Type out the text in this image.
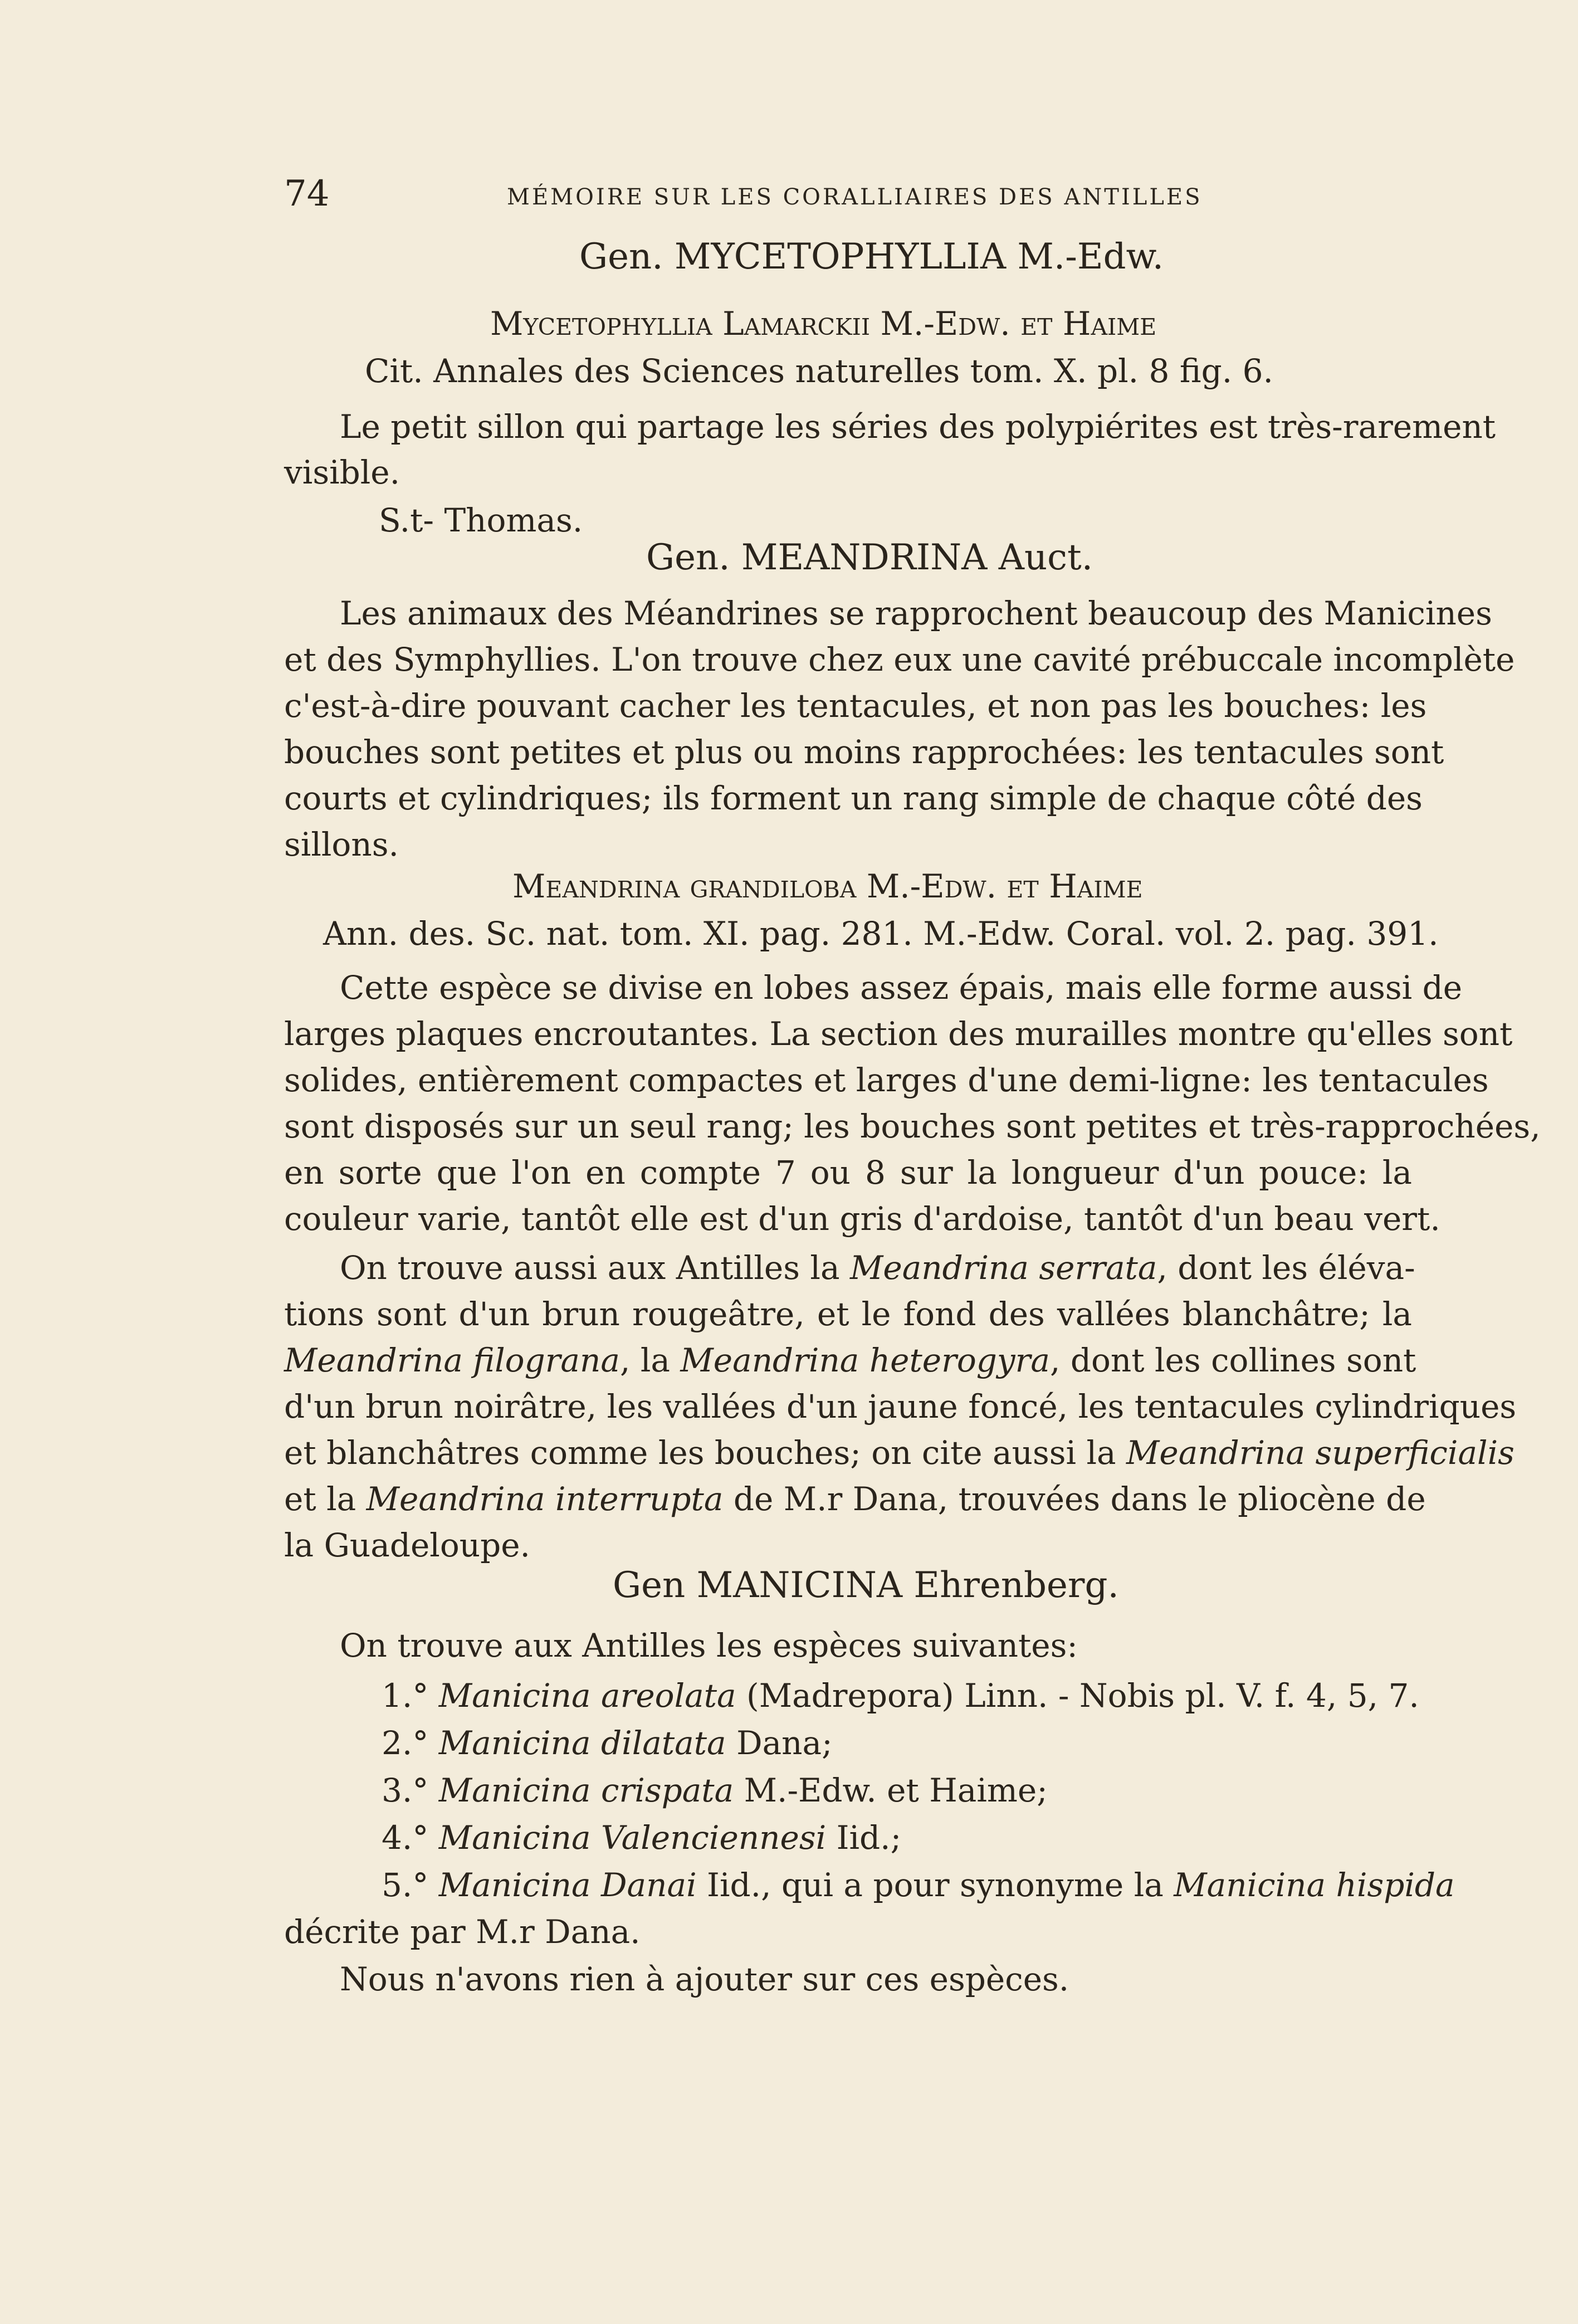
74	MÉMOIRE SUR LES CORALLIAIRES DES ANTILLES
Gen. MYCETOPHYLLIA M.-Edw.
Mycetophyllia Lamarckii M.-Edw. et Haime
Cit. Annales des Sciences naturelles tom. X. pl. 8 fig. 6.
Le petit sillon qui partage les séries des polypiérites est très-rarement
visible.
S.t- Thomas.
Gen. MEANDRINA Auct.
Les animaux des Méandrines se rapprochent beaucoup des Manicines
et des Symphyllies. L'on trouve chez eux une cavité prébuccale incomplète
c'est-à-dire pouvant cacher les tentacules, et non pas les bouches: les
bouches sont petites et plus ou moins rapprochées: les tentacules sont
courts et cylindriques; ils forment un rang simple de chaque côté des
sillons.
Meandrina grandiloba M.-Edw. et Haime
Ann. des. Sc. nat. tom. XI. pag. 281. M.-Edw. Coral. vol. 2. pag. 391.
Cette espèce se divise en lobes assez épais, mais elle forme aussi de
larges plaques encroutantes. La section des murailles montre qu'elles sont
solides, entièrement compactes et larges d'une demi-ligne: les tentacules
sont disposés sur un seul rang; les bouches sont petites et très-rapprochées,
en sorte que l'on en compte 7 ou 8 sur la longueur d'un pouce: la
couleur varie, tantôt elle est d'un gris d'ardoise, tantôt d'un beau vert.
On trouve aussi aux Antilles la Meandrina serrata, dont les éléva-
tions sont d'un brun rougeâtre, et le fond des vallées blanchâtre; la
Meandrina filograna, la Meandrina heterogyra, dont les collines sont
d'un brun noirâtre, les vallées d'un jaune foncé, les tentacules cylindriques
et blanchâtres comme les bouches; on cite aussi la Meandrina superficialis
et la Meandrina interrupta de M.r Dana, trouvées dans le pliocène de
la Guadeloupe.
Gen MANICINA Ehrenberg.
On trouve aux Antilles les espèces suivantes:
1.° Manicina areolata (Madrepora) Linn. - Nobis pl. V. f. 4, 5, 7.
2.° Manicina dilatata Dana;
3.° Manicina crispata M.-Edw. et Haime;
4.° Manicina Valenciennesi Iid.;
5.° Manicina Danai Iid., qui a pour synonyme la Manicina hispida
décrite par M.r Dana.
Nous n'avons rien à ajouter sur ces espèces.
